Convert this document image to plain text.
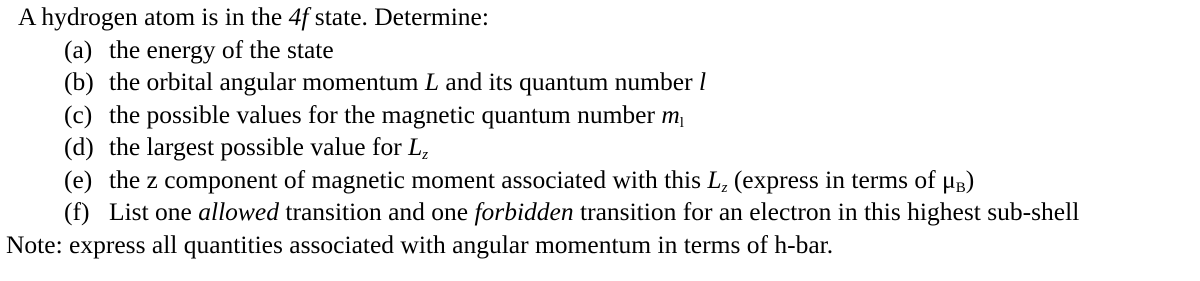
A hydrogen atom is in the 4f state. Determine:
(a) the energy of the state
(b) the orbital angular momentum L and its quantum number l
(c) the possible values for the magnetic quantum number $m_l$
(d) the largest possible value for $L_z$
(e) the z component of magnetic moment associated with this $L_z$ (express in terms of $\mu_B$)
(f) List one allowed transition and one forbidden transition for an electron in this highest sub-shell
Note: express all quantities associated with angular momentum in terms of h-bar.
